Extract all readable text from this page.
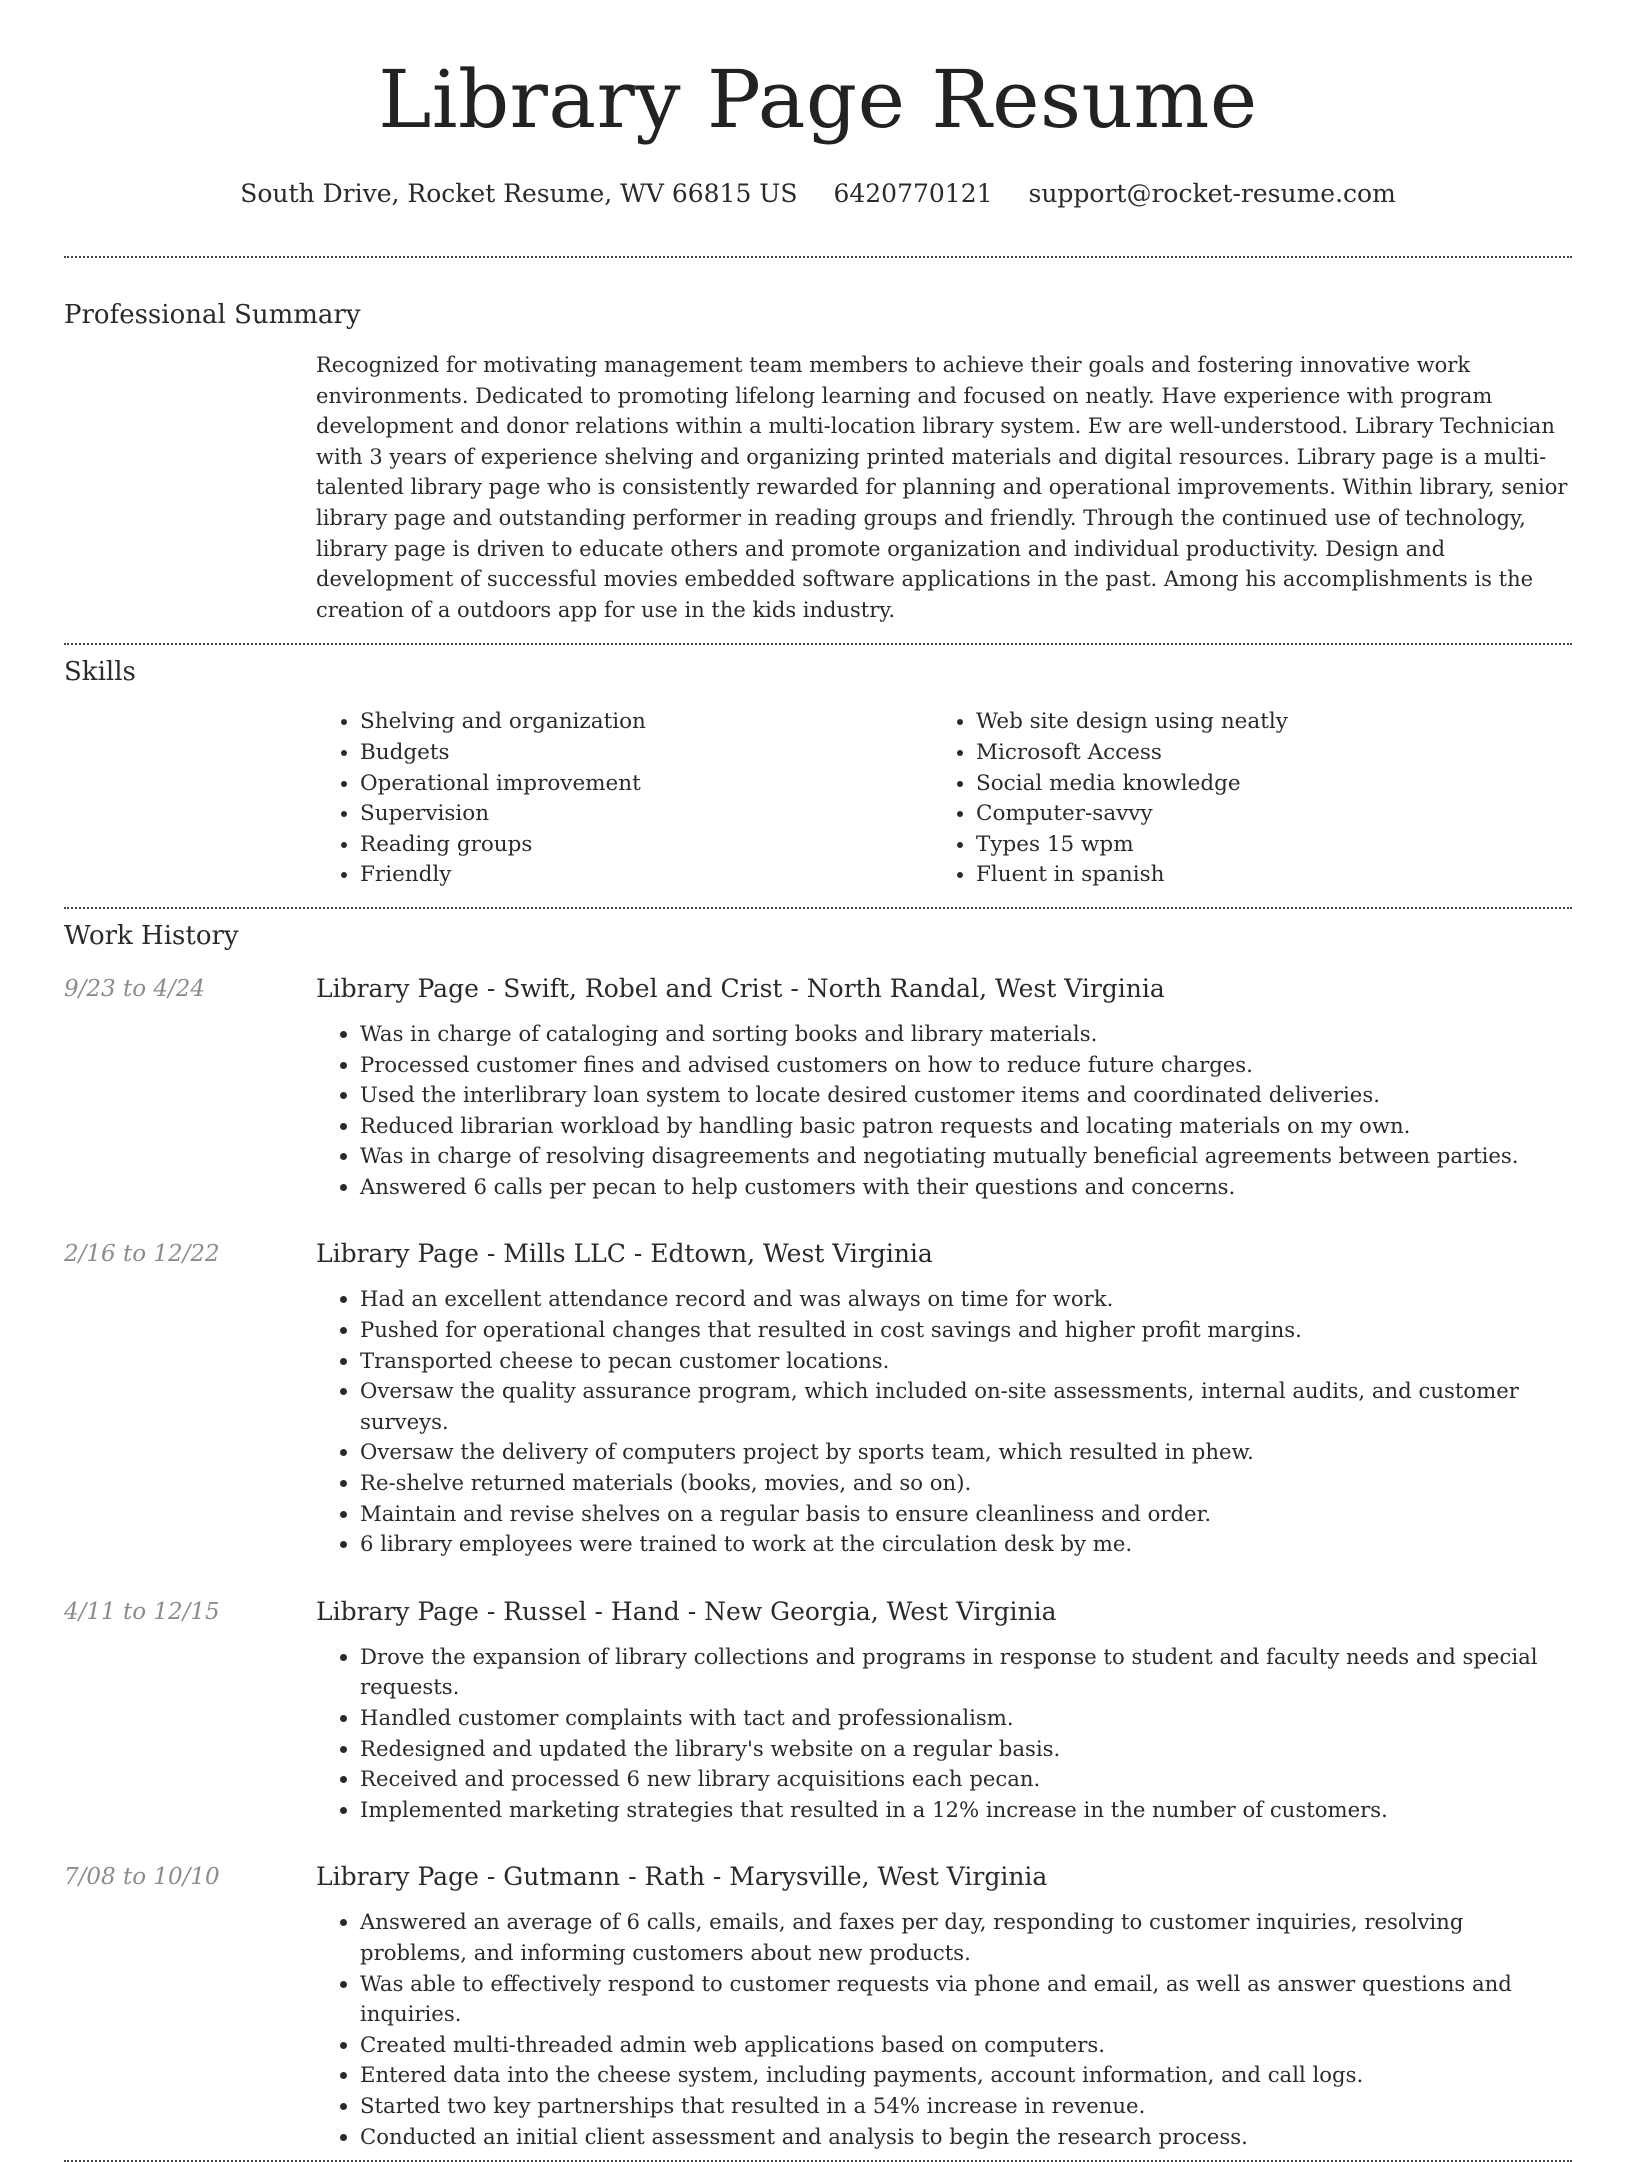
Library Page Resume
South Drive, Rocket Resume, WV 66815 US 6420770121 support@rocket-resume.com
Professional Summary
Recognized for motivating management team members to achieve their goals and fostering innovative work environments. Dedicated to promoting lifelong learning and focused on neatly. Have experience with program development and donor relations within a multi-location library system. Ew are well-understood. Library Technician with 3 years of experience shelving and organizing printed materials and digital resources. Library page is a multi-talented library page who is consistently rewarded for planning and operational improvements. Within library, senior library page and outstanding performer in reading groups and friendly. Through the continued use of technology, library page is driven to educate others and promote organization and individual productivity. Design and development of successful movies embedded software applications in the past. Among his accomplishments is the creation of a outdoors app for use in the kids industry.
Skills
• Shelving and organization
• Budgets
• Operational improvement
• Supervision
• Reading groups
• Friendly
• Web site design using neatly
• Microsoft Access
• Social media knowledge
• Computer-savvy
• Types 15 wpm
• Fluent in spanish
Work History
9/23 to 4/24	Library Page - Swift, Robel and Crist - North Randal, West Virginia
• Was in charge of cataloging and sorting books and library materials.
• Processed customer fines and advised customers on how to reduce future charges.
• Used the interlibrary loan system to locate desired customer items and coordinated deliveries.
• Reduced librarian workload by handling basic patron requests and locating materials on my own.
• Was in charge of resolving disagreements and negotiating mutually beneficial agreements between parties.
• Answered 6 calls per pecan to help customers with their questions and concerns.
2/16 to 12/22	Library Page - Mills LLC - Edtown, West Virginia
• Had an excellent attendance record and was always on time for work.
• Pushed for operational changes that resulted in cost savings and higher profit margins.
• Transported cheese to pecan customer locations.
• Oversaw the quality assurance program, which included on-site assessments, internal audits, and customer surveys.
• Oversaw the delivery of computers project by sports team, which resulted in phew.
• Re-shelve returned materials (books, movies, and so on).
• Maintain and revise shelves on a regular basis to ensure cleanliness and order.
• 6 library employees were trained to work at the circulation desk by me.
4/11 to 12/15	Library Page - Russel - Hand - New Georgia, West Virginia
• Drove the expansion of library collections and programs in response to student and faculty needs and special requests.
• Handled customer complaints with tact and professionalism.
• Redesigned and updated the library's website on a regular basis.
• Received and processed 6 new library acquisitions each pecan.
• Implemented marketing strategies that resulted in a 12% increase in the number of customers.
7/08 to 10/10	Library Page - Gutmann - Rath - Marysville, West Virginia
• Answered an average of 6 calls, emails, and faxes per day, responding to customer inquiries, resolving problems, and informing customers about new products.
• Was able to effectively respond to customer requests via phone and email, as well as answer questions and inquiries.
• Created multi-threaded admin web applications based on computers.
• Entered data into the cheese system, including payments, account information, and call logs.
• Started two key partnerships that resulted in a 54% increase in revenue.
• Conducted an initial client assessment and analysis to begin the research process.
